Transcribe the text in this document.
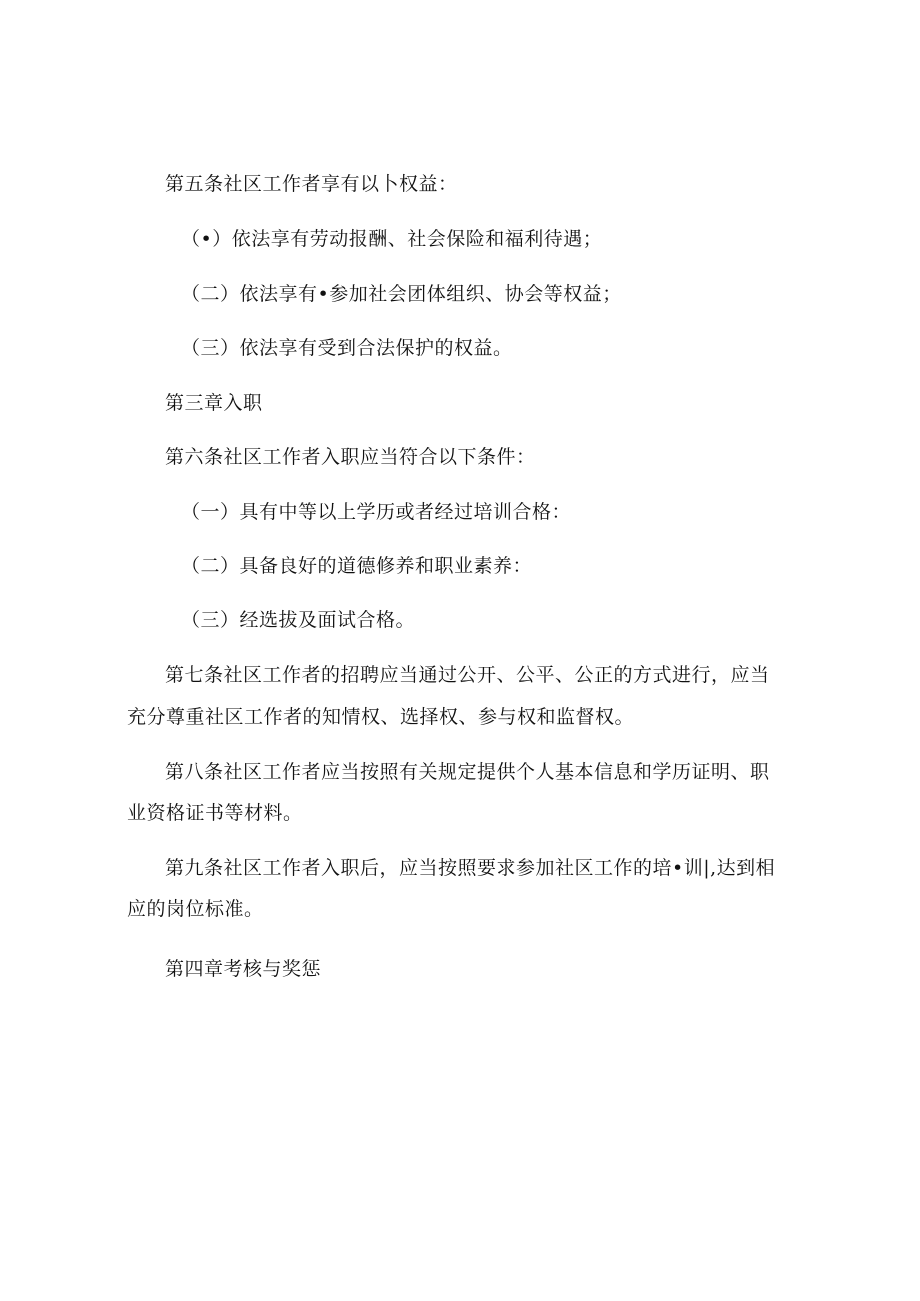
第五条社区工作者享有以卜权益：

（•）依法享有劳动报酬、社会保险和福利待遇；

（二）依法享有•参加社会团体组织、协会等权益；

（三）依法享有受到合法保护的权益。

第三章入职

第六条社区工作者入职应当符合以下条件：

（一）具有中等以上学历或者经过培训合格：

（二）具备良好的道德修养和职业素养：

（三）经选拔及面试合格。

第七条社区工作者的招聘应当通过公开、公平、公正的方式进行，应当

充分尊重社区工作者的知情权、选择权、参与权和监督权。

第八条社区工作者应当按照有关规定提供个人基本信息和学历证明、职

业资格证书等材料。

第九条社区工作者入职后，应当按照要求参加社区工作的培•训|,达到相

应的岗位标准。

第四章考核与奖惩
